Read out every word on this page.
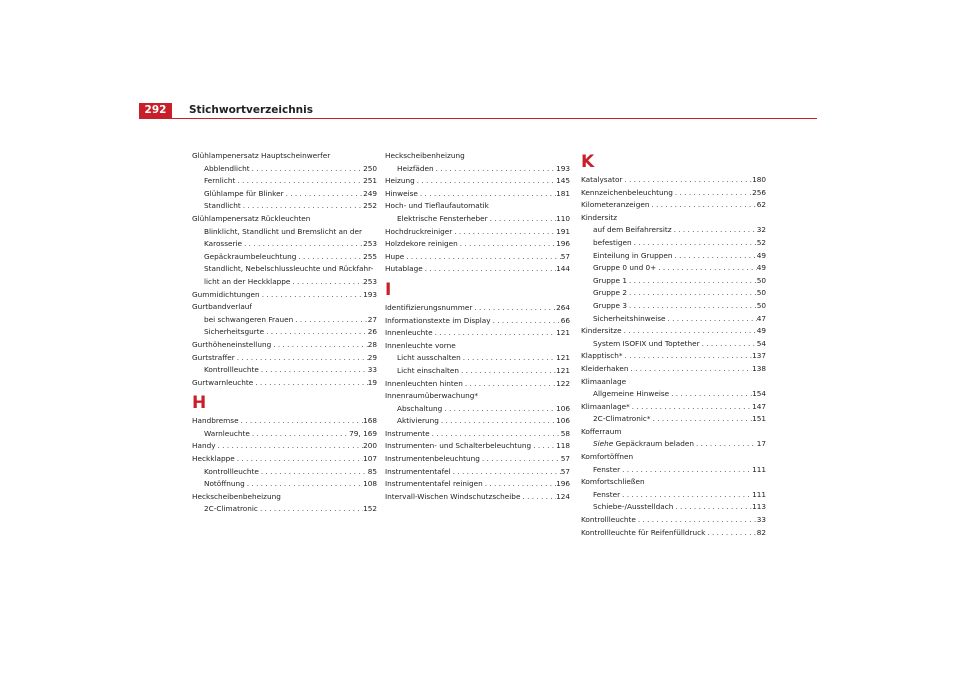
292	Stichwortverzeichnis
Glühlampenersatz Hauptscheinwerfer
Abblendlicht . . .	250
Fernlicht . . .	251
Glühlampe für Blinker . . .	249
Standlicht . . .	252
Glühlampenersatz Rückleuchten
Blinklicht, Standlicht und Bremslicht an der
Karosserie . . .	253
Gepäckraumbeleuchtung . . .	255
Standlicht, Nebelschlussleuchte und Rückfahr-
licht an der Heckklappe . . .	253
Gummidichtungen . . .	193
Gurtbandverlauf
bei schwangeren Frauen . . .	27
Sicherheitsgurte . . .	26
Gurthöheneinstellung . . .	28
Gurtstraffer . . .	29
Kontrollleuchte . . .	33
Gurtwarnleuchte . . .	19
H
Handbremse . . .	168
Warnleuchte . . .	79, 169
Handy . . .	200
Heckklappe . . .	107
Kontrollleuchte . . .	85
Notöffnung . . .	108
Heckscheibenbeheizung
2C-Climatronic . . .	152
Heckscheibenheizung
Heizfäden . . .	193
Heizung . . .	145
Hinweise . . .	181
Hoch- und Tieflaufautomatik
Elektrische Fensterheber . . .	110
Hochdruckreiniger . . .	191
Holzdekore reinigen . . .	196
Hupe . . .	57
Hutablage . . .	144
I
Identifizierungsnummer . . .	264
Informationstexte im Display . . .	66
Innenleuchte . . .	121
Innenleuchte vorne
Licht ausschalten . . .	121
Licht einschalten . . .	121
Innenleuchten hinten . . .	122
Innenraumüberwachung*
Abschaltung . . .	106
Aktivierung . . .	106
Instrumente . . .	58
Instrumenten- und Schalterbeleuchtung . . .	118
Instrumentenbeleuchtung . . .	57
Instrumententafel . . .	57
Instrumententafel reinigen . . .	196
Intervall-Wischen Windschutzscheibe . . .	124
K
Katalysator . . .	180
Kennzeichenbeleuchtung . . .	256
Kilometeranzeigen . . .	62
Kindersitz
auf dem Beifahrersitz . . .	32
befestigen . . .	52
Einteilung in Gruppen . . .	49
Gruppe 0 und 0+ . . .	49
Gruppe 1 . . .	50
Gruppe 2 . . .	50
Gruppe 3 . . .	50
Sicherheitshinweise . . .	47
Kindersitze . . .	49
System ISOFIX und Toptether . . .	54
Klapptisch* . . .	137
Kleiderhaken . . .	138
Klimaanlage
Allgemeine Hinweise . . .	154
Klimaanlage* . . .	147
2C-Climatronic* . . .	151
Kofferraum
Siehe Gepäckraum beladen . . .	17
Komfortöffnen
Fenster . . .	111
Komfortschließen
Fenster . . .	111
Schiebe-/Ausstelldach . . .	113
Kontrollleuchte . . .	33
Kontrollleuchte für Reifenfülldruck . . .	82
